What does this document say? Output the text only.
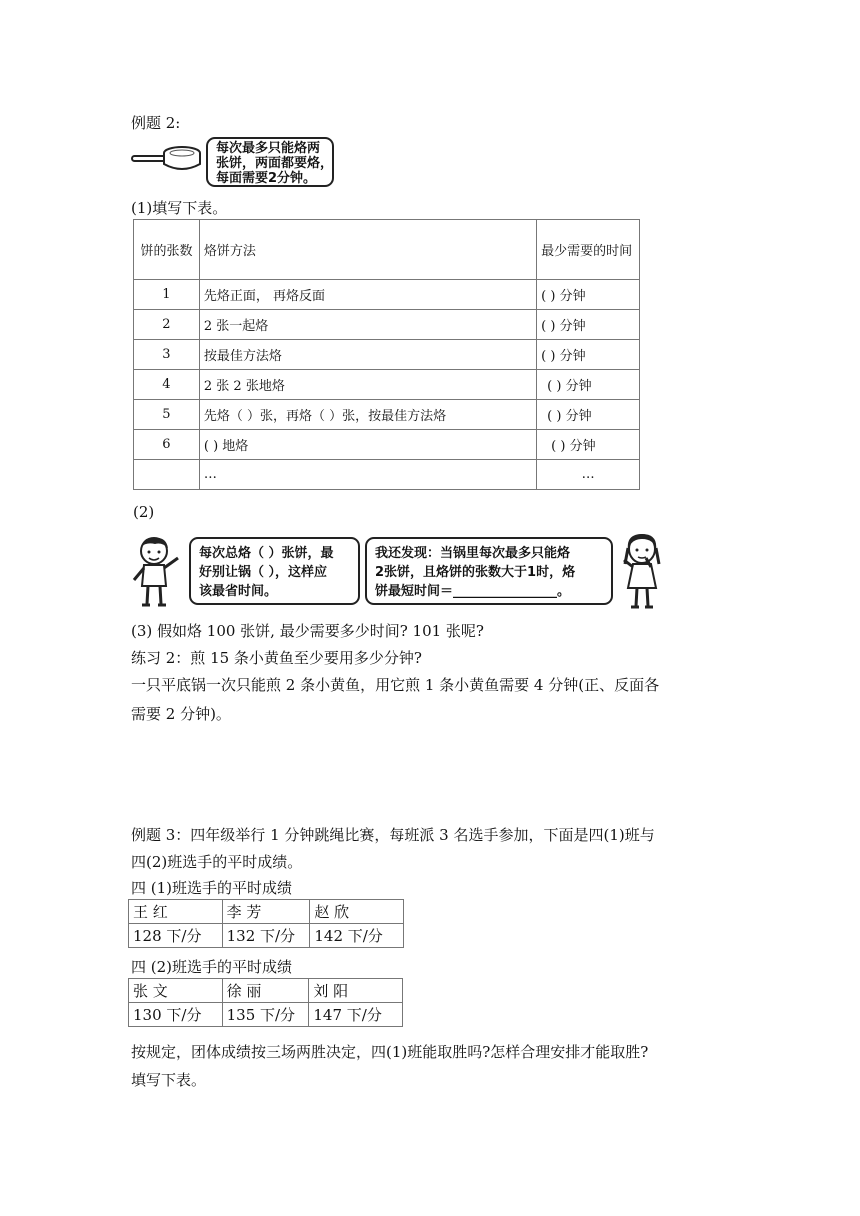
例题 2:
每次最多只能烙两
张饼，两面都要烙，
每面需要2分钟。
(1)填写下表。
饼的张数	烙饼方法	最少需要的时间
1	先烙正面， 再烙反面	( ) 分钟
2	2 张一起烙	( ) 分钟
3	按最佳方法烙	( ) 分钟
4	2 张 2 张地烙	( ) 分钟
5	先烙（ ）张，再烙（ ）张，按最佳方法烙	( ) 分钟
6	( ) 地烙	( ) 分钟
	…	…
(2)
每次总烙（ ）张饼，最
好别让锅（ ），这样应
该最省时间。
我还发现：当锅里每次最多只能烙
2张饼，且烙饼的张数大于1时，烙
饼最短时间＝________________。
(3) 假如烙 100 张饼, 最少需要多少时间? 101 张呢?
练习 2：煎 15 条小黄鱼至少要用多少分钟?
一只平底锅一次只能煎 2 条小黄鱼，用它煎 1 条小黄鱼需要 4 分钟(正、反面各
需要 2 分钟)。
例题 3：四年级举行 1 分钟跳绳比赛，每班派 3 名选手参加，下面是四(1)班与
四(2)班选手的平时成绩。
四 (1)班选手的平时成绩
王 红	李 芳	赵 欣
128 下/分	132 下/分	142 下/分
四 (2)班选手的平时成绩
张 文	徐 丽	刘 阳
130 下/分	135 下/分	147 下/分
按规定，团体成绩按三场两胜决定，四(1)班能取胜吗?怎样合理安排才能取胜?
填写下表。
